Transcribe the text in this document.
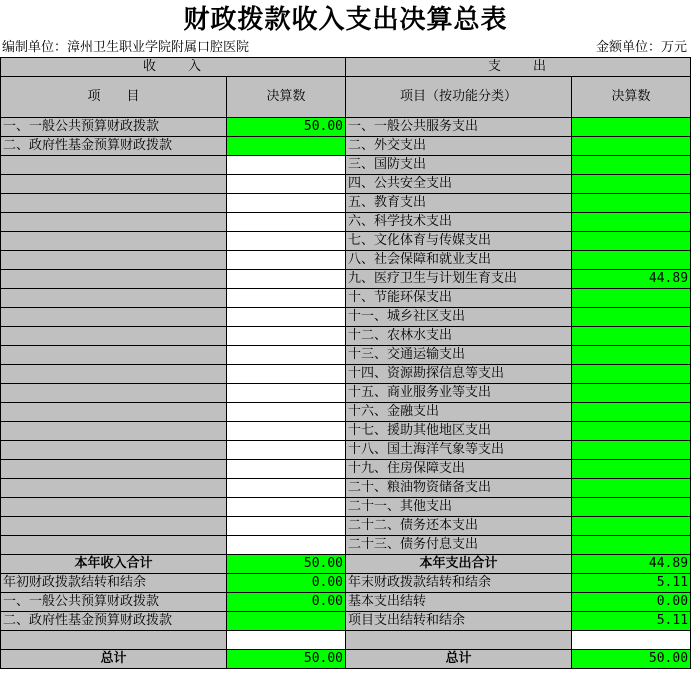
财政拨款收入支出决算总表
编制单位：漳州卫生职业学院附属口腔医院	金额单位：万元
收　　入		支　　出	
项　　目	决算数	项目（按功能分类）	决算数
一、一般公共预算财政拨款	50.00	一、一般公共服务支出	
二、政府性基金预算财政拨款		二、外交支出	
		三、国防支出	
		四、公共安全支出	
		五、教育支出	
		六、科学技术支出	
		七、文化体育与传媒支出	
		八、社会保障和就业支出	
		九、医疗卫生与计划生育支出	44.89
		十、节能环保支出	
		十一、城乡社区支出	
		十二、农林水支出	
		十三、交通运输支出	
		十四、资源勘探信息等支出	
		十五、商业服务业等支出	
		十六、金融支出	
		十七、援助其他地区支出	
		十八、国土海洋气象等支出	
		十九、住房保障支出	
		二十、粮油物资储备支出	
		二十一、其他支出	
		二十二、债务还本支出	
		二十三、债务付息支出	
本年收入合计	50.00	本年支出合计	44.89
年初财政拨款结转和结余	0.00	年末财政拨款结转和结余	5.11
一、一般公共预算财政拨款	0.00	基本支出结转	0.00
二、政府性基金预算财政拨款		项目支出结转和结余	5.11

总计	50.00	总计	50.00
